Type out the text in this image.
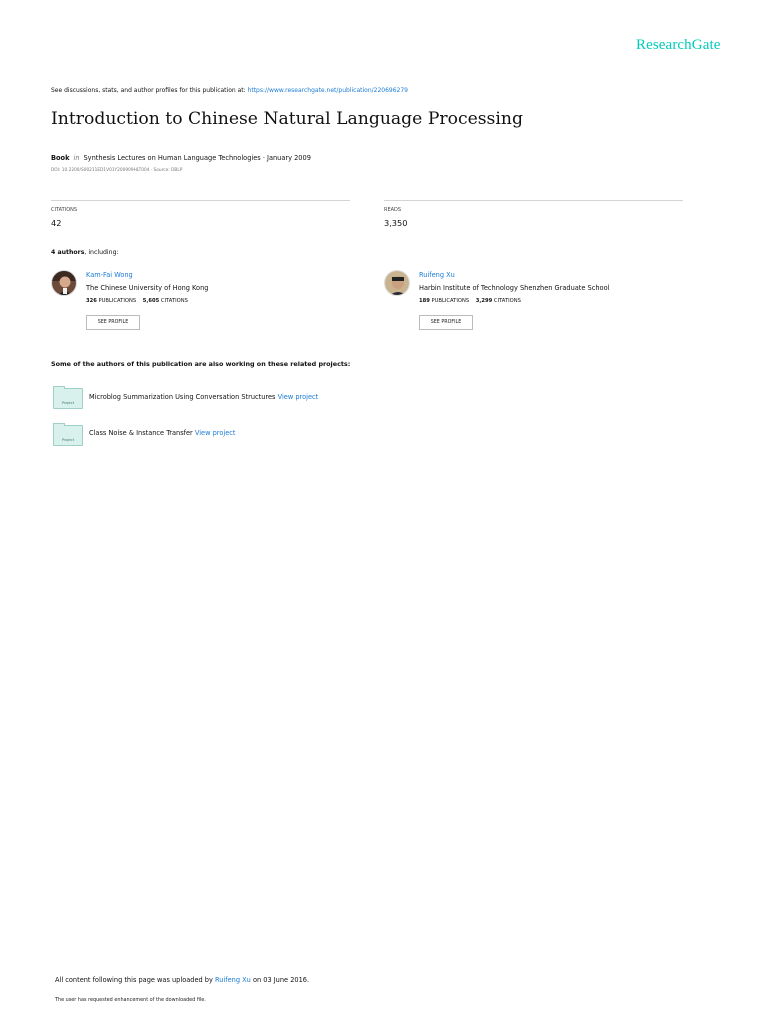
ResearchGate
See discussions, stats, and author profiles for this publication at: https://www.researchgate.net/publication/220696279
Introduction to Chinese Natural Language Processing
Book in Synthesis Lectures on Human Language Technologies · January 2009
DOI: 10.2200/S00211ED1V01Y200909HLT004 · Source: DBLP
CITATIONS
42
READS
3,350
4 authors, including:
Kam-Fai Wong
The Chinese University of Hong Kong
326 PUBLICATIONS 5,605 CITATIONS
SEE PROFILE
Ruifeng Xu
Harbin Institute of Technology Shenzhen Graduate School
189 PUBLICATIONS 3,299 CITATIONS
SEE PROFILE
Some of the authors of this publication are also working on these related projects:
Project
Microblog Summarization Using Conversation Structures View project
Project
Class Noise & Instance Transfer View project
All content following this page was uploaded by Ruifeng Xu on 03 June 2016.
The user has requested enhancement of the downloaded file.
